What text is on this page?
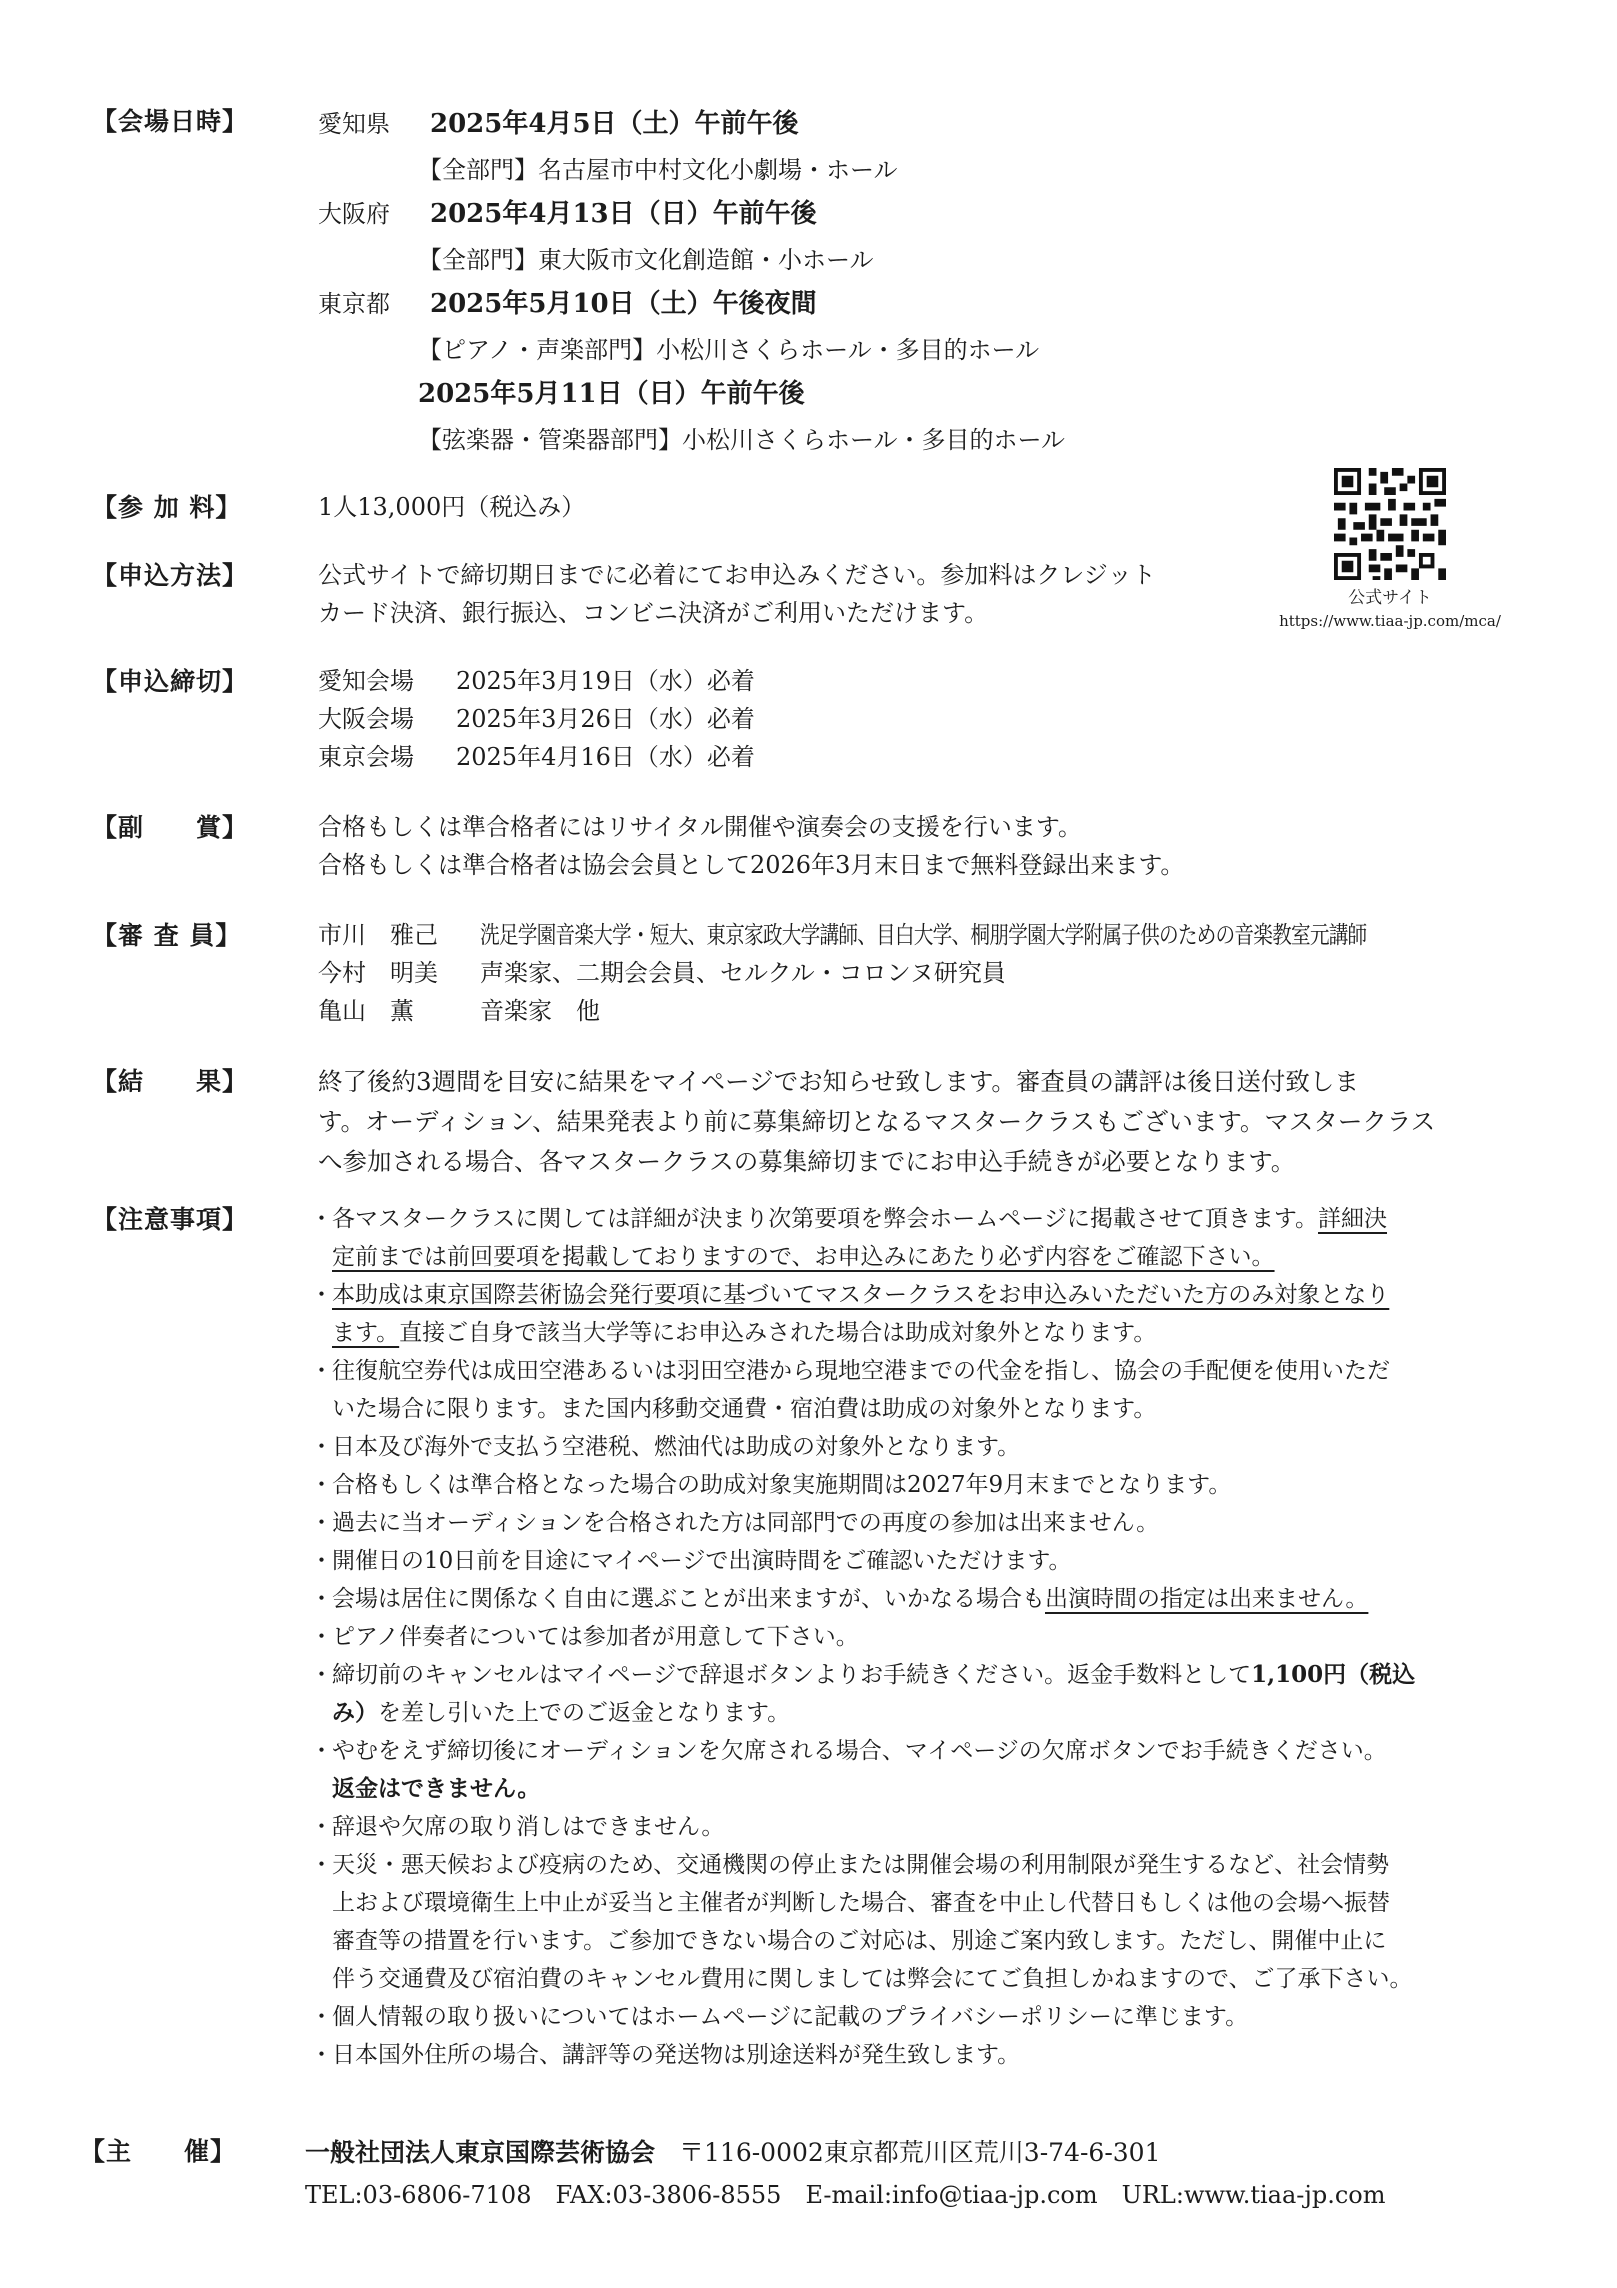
【会場日時】	愛知県 2025年4月5日（土）午前午後
【全部門】名古屋市中村文化小劇場・ホール
大阪府 2025年4月13日（日）午前午後
【全部門】東大阪市文化創造館・小ホール
東京都 2025年5月10日（土）午後夜間
【ピアノ・声楽部門】小松川さくらホール・多目的ホール
2025年5月11日（日）午前午後
【弦楽器・管楽器部門】小松川さくらホール・多目的ホール
【参 加 料】	1人13,000円（税込み）
公式サイト
https://www.tiaa-jp.com/mca/
【申込方法】	公式サイトで締切期日までに必着にてお申込みください。参加料はクレジット
カード決済、銀行振込、コンビニ決済がご利用いただけます。
【申込締切】	愛知会場 2025年3月19日（水）必着
大阪会場 2025年3月26日（水）必着
東京会場 2025年4月16日（水）必着
【副　　賞】	合格もしくは準合格者にはリサイタル開催や演奏会の支援を行います。
合格もしくは準合格者は協会会員として2026年3月末日まで無料登録出来ます。
【審 査 員】	市川　雅己 洗足学園音楽大学・短大、東京家政大学講師、目白大学、桐朋学園大学附属子供のための音楽教室元講師
今村　明美 声楽家、二期会会員、セルクル・コロンヌ研究員
亀山　薫	音楽家　他
【結　　果】	終了後約3週間を目安に結果をマイページでお知らせ致します。審査員の講評は後日送付致しま
す。オーディション、結果発表より前に募集締切となるマスタークラスもございます。マスタークラス
へ参加される場合、各マスタークラスの募集締切までにお申込手続きが必要となります。
【注意事項】
・	各マスタークラスに関しては詳細が決まり次第要項を弊会ホームページに掲載させて頂きます。詳細決
定前までは前回要項を掲載しておりますので、お申込みにあたり必ず内容をご確認下さい。
・ 本助成は東京国際芸術協会発行要項に基づいてマスタークラスをお申込みいただいた方のみ対象となり
ます。直接ご自身で該当大学等にお申込みされた場合は助成対象外となります。
・ 往復航空券代は成田空港あるいは羽田空港から現地空港までの代金を指し、協会の手配便を使用いただ
いた場合に限ります。また国内移動交通費・宿泊費は助成の対象外となります。
・ 日本及び海外で支払う空港税、燃油代は助成の対象外となります。
・ 合格もしくは準合格となった場合の助成対象実施期間は2027年9月末までとなります。
・ 過去に当オーディションを合格された方は同部門での再度の参加は出来ません。
・ 開催日の10日前を目途にマイページで出演時間をご確認いただけます。
・ 会場は居住に関係なく自由に選ぶことが出来ますが、いかなる場合も出演時間の指定は出来ません。
・ ピアノ伴奏者については参加者が用意して下さい。
・ 締切前のキャンセルはマイページで辞退ボタンよりお手続きください。返金手数料として1,100円（税込
み）を差し引いた上でのご返金となります。
・ やむをえず締切後にオーディションを欠席される場合、マイページの欠席ボタンでお手続きください。
返金はできません。
・ 辞退や欠席の取り消しはできません。
・ 天災・悪天候および疫病のため、交通機関の停止または開催会場の利用制限が発生するなど、社会情勢
上および環境衛生上中止が妥当と主催者が判断した場合、審査を中止し代替日もしくは他の会場へ振替
審査等の措置を行います。ご参加できない場合のご対応は、別途ご案内致します。ただし、開催中止に
伴う交通費及び宿泊費のキャンセル費用に関しましては弊会にてご負担しかねますので、ご了承下さい。
・ 個人情報の取り扱いについてはホームページに記載のプライバシーポリシーに準じます。
・ 日本国外住所の場合、講評等の発送物は別途送料が発生致します。
【主　　催】	一般社団法人東京国際芸術協会 〒116-0002東京都荒川区荒川3-74-6-301
TEL:03-6806-7108　FAX:03-3806-8555　E-mail:info@tiaa-jp.com　URL:www.tiaa-jp.com
